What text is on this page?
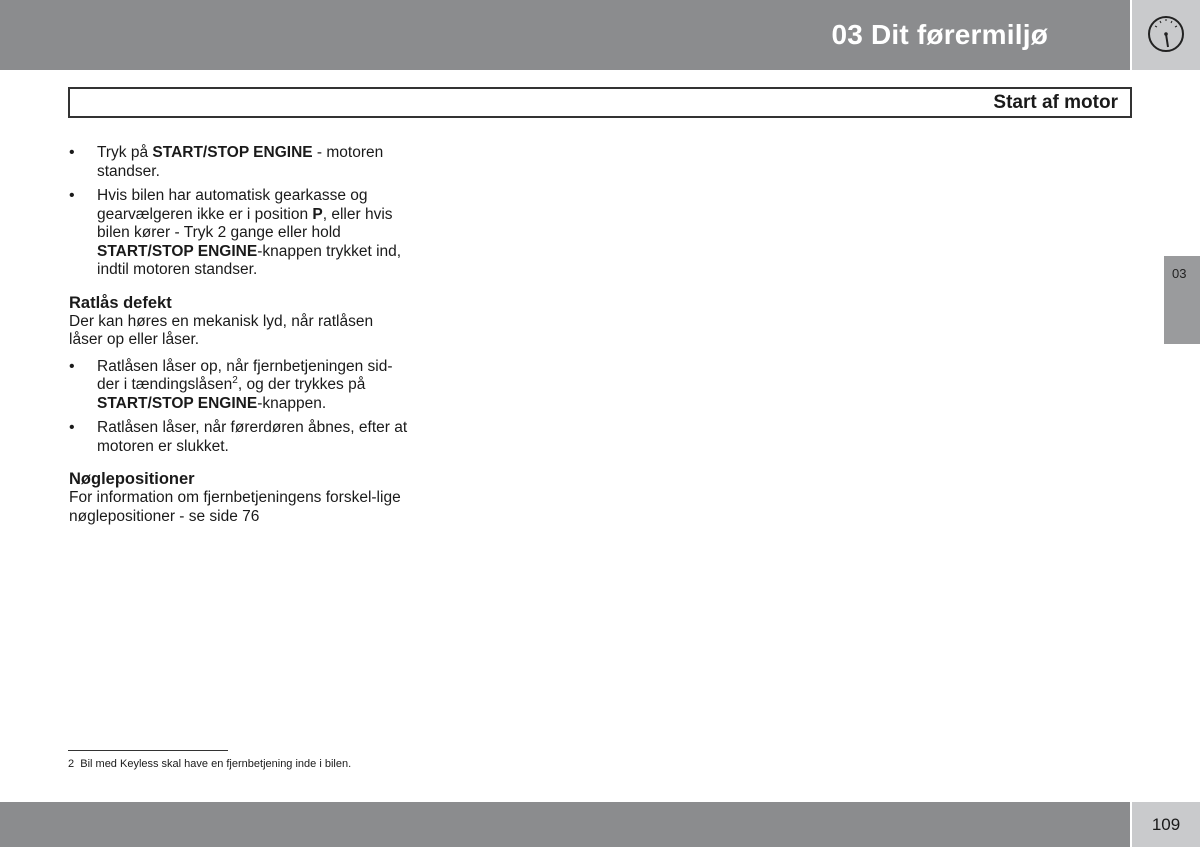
03 Dit førermiljø
Start af motor
• Tryk på START/STOP ENGINE - motoren standser.
• Hvis bilen har automatisk gearkasse og gearvælgeren ikke er i position P, eller hvis bilen kører - Tryk 2 gange eller hold START/STOP ENGINE-knappen trykket ind, indtil motoren standser.
Ratlås defekt

Der kan høres en mekanisk lyd, når ratlåsen låser op eller låser.

• Ratlåsen låser op, når fjernbetjeningen sid-der i tændingslåsen$^2$, og der trykkes på START/STOP ENGINE-knappen.
• Ratlåsen låser, når førerdøren åbnes, efter at motoren er slukket.
Nøglepositioner

For information om fjernbetjeningens forskel-lige nøglepositioner - se side 76

03
2 Bil med Keyless skal have en fjernbetjening inde i bilen.
109
